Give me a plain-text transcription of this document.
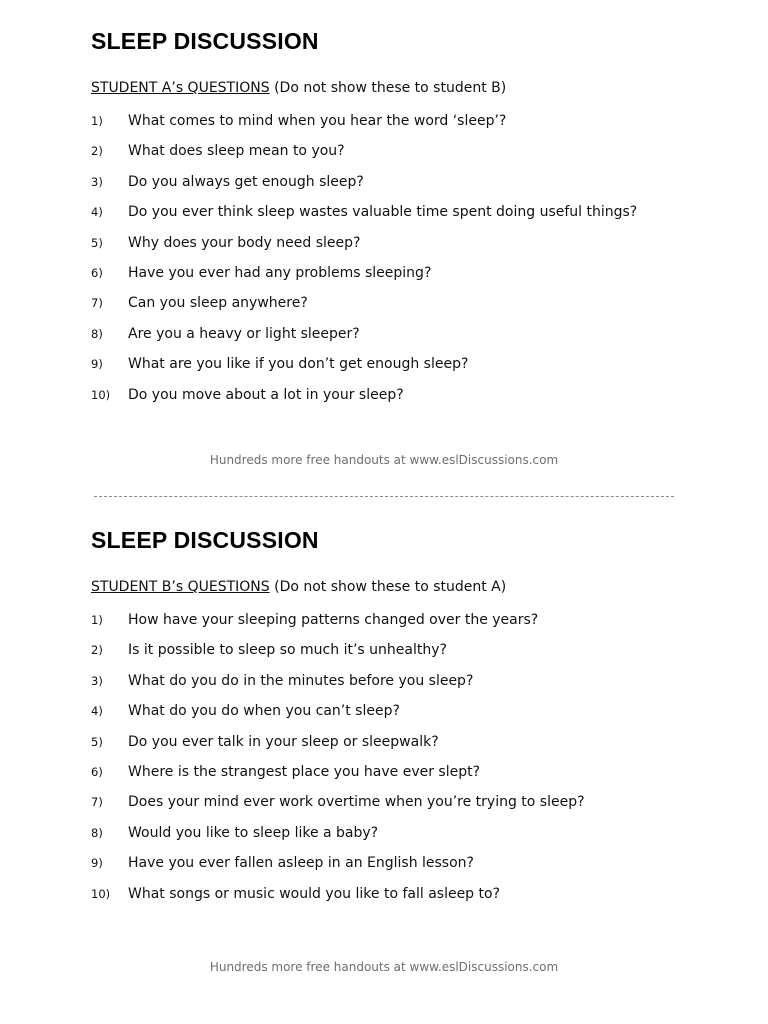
SLEEP DISCUSSION
STUDENT A’s QUESTIONS (Do not show these to student B)
1) What comes to mind when you hear the word ‘sleep’?
2) What does sleep mean to you?
3) Do you always get enough sleep?
4) Do you ever think sleep wastes valuable time spent doing useful things?
5) Why does your body need sleep?
6) Have you ever had any problems sleeping?
7) Can you sleep anywhere?
8) Are you a heavy or light sleeper?
9) What are you like if you don’t get enough sleep?
10) Do you move about a lot in your sleep?
Hundreds more free handouts at www.eslDiscussions.com
SLEEP DISCUSSION
STUDENT B’s QUESTIONS (Do not show these to student A)
1) How have your sleeping patterns changed over the years?
2) Is it possible to sleep so much it’s unhealthy?
3) What do you do in the minutes before you sleep?
4) What do you do when you can’t sleep?
5) Do you ever talk in your sleep or sleepwalk?
6) Where is the strangest place you have ever slept?
7) Does your mind ever work overtime when you’re trying to sleep?
8) Would you like to sleep like a baby?
9) Have you ever fallen asleep in an English lesson?
10) What songs or music would you like to fall asleep to?
Hundreds more free handouts at www.eslDiscussions.com
